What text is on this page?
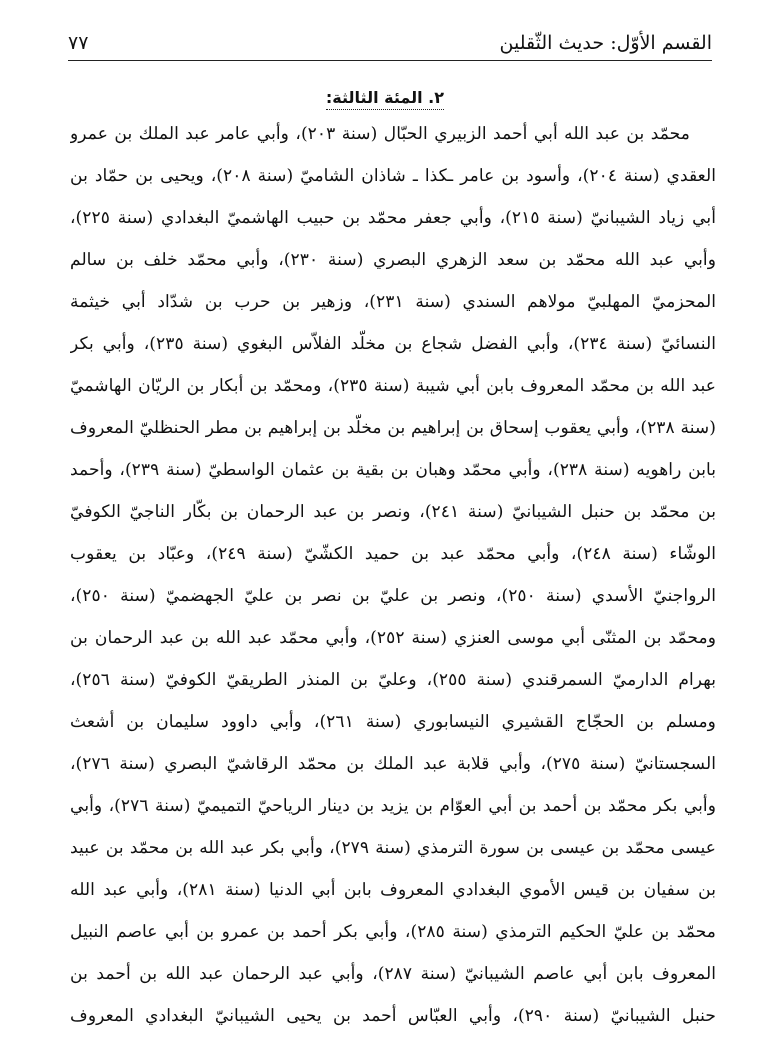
القسم الأوّل: حديث الثّقلين
٧٧
٢. المئة الثالثة:
محمّد بن عبد الله أبي أحمد الزبيري الحبّال (سنة ٢٠٣)، وأبي عامر عبد الملك بن عمرو
العقدي (سنة ٢٠٤)، وأسود بن عامر ـكذا ـ شاذان الشاميّ (سنة ٢٠٨)، ويحيى بن حمّاد بن
أبي زياد الشيبانيّ (سنة ٢١٥)، وأبي جعفر محمّد بن حبيب الهاشميّ البغدادي (سنة ٢٢٥)،
وأبي عبد الله محمّد بن سعد الزهري البصري (سنة ٢٣٠)، وأبي محمّد خلف بن سالم
المحزميّ المهلبيّ مولاهم السندي (سنة ٢٣١)، وزهير بن حرب بن شدّاد أبي خيثمة
النسائيّ (سنة ٢٣٤)، وأبي الفضل شجاع بن مخلّد الفلاّس البغوي (سنة ٢٣٥)، وأبي بكر
عبد الله بن محمّد المعروف بابن أبي شيبة (سنة ٢٣٥)، ومحمّد بن أبكار بن الريّان الهاشميّ
(سنة ٢٣٨)، وأبي يعقوب إسحاق بن إبراهيم بن مخلّد بن إبراهيم بن مطر الحنظليّ المعروف
بابن راهويه (سنة ٢٣٨)، وأبي محمّد وهبان بن بقية بن عثمان الواسطيّ (سنة ٢٣٩)، وأحمد
بن محمّد بن حنبل الشيبانيّ (سنة ٢٤١)، ونصر بن عبد الرحمان بن بكّار الناجيّ الكوفيّ
الوشّاء (سنة ٢٤٨)، وأبي محمّد عبد بن حميد الكشّيّ (سنة ٢٤٩)، وعبّاد بن يعقوب
الرواجنيّ الأسدي (سنة ٢٥٠)، ونصر بن عليّ بن نصر بن عليّ الجهضميّ (سنة ٢٥٠)،
ومحمّد بن المثنّى أبي موسى العنزي (سنة ٢٥٢)، وأبي محمّد عبد الله بن عبد الرحمان بن
بهرام الدارميّ السمرقندي (سنة ٢٥٥)، وعليّ بن المنذر الطريقيّ الكوفيّ (سنة ٢٥٦)،
ومسلم بن الحجّاج القشيري النيسابوري (سنة ٢٦١)، وأبي داوود سليمان بن أشعث
السجستانيّ (سنة ٢٧٥)، وأبي قلابة عبد الملك بن محمّد الرقاشيّ البصري (سنة ٢٧٦)،
وأبي بكر محمّد بن أحمد بن أبي العوّام بن يزيد بن دينار الرياحيّ التميميّ (سنة ٢٧٦)، وأبي
عيسى محمّد بن عيسى بن سورة الترمذي (سنة ٢٧٩)، وأبي بكر عبد الله بن محمّد بن عبيد
بن سفيان بن قيس الأموي البغدادي المعروف بابن أبي الدنيا (سنة ٢٨١)، وأبي عبد الله
محمّد بن عليّ الحكيم الترمذي (سنة ٢٨٥)، وأبي بكر أحمد بن عمرو بن أبي عاصم النبيل
المعروف بابن أبي عاصم الشيبانيّ (سنة ٢٨٧)، وأبي عبد الرحمان عبد الله بن أحمد بن
حنبل الشيبانيّ (سنة ٢٩٠)، وأبي العبّاس أحمد بن يحيى الشيبانيّ البغدادي المعروف
